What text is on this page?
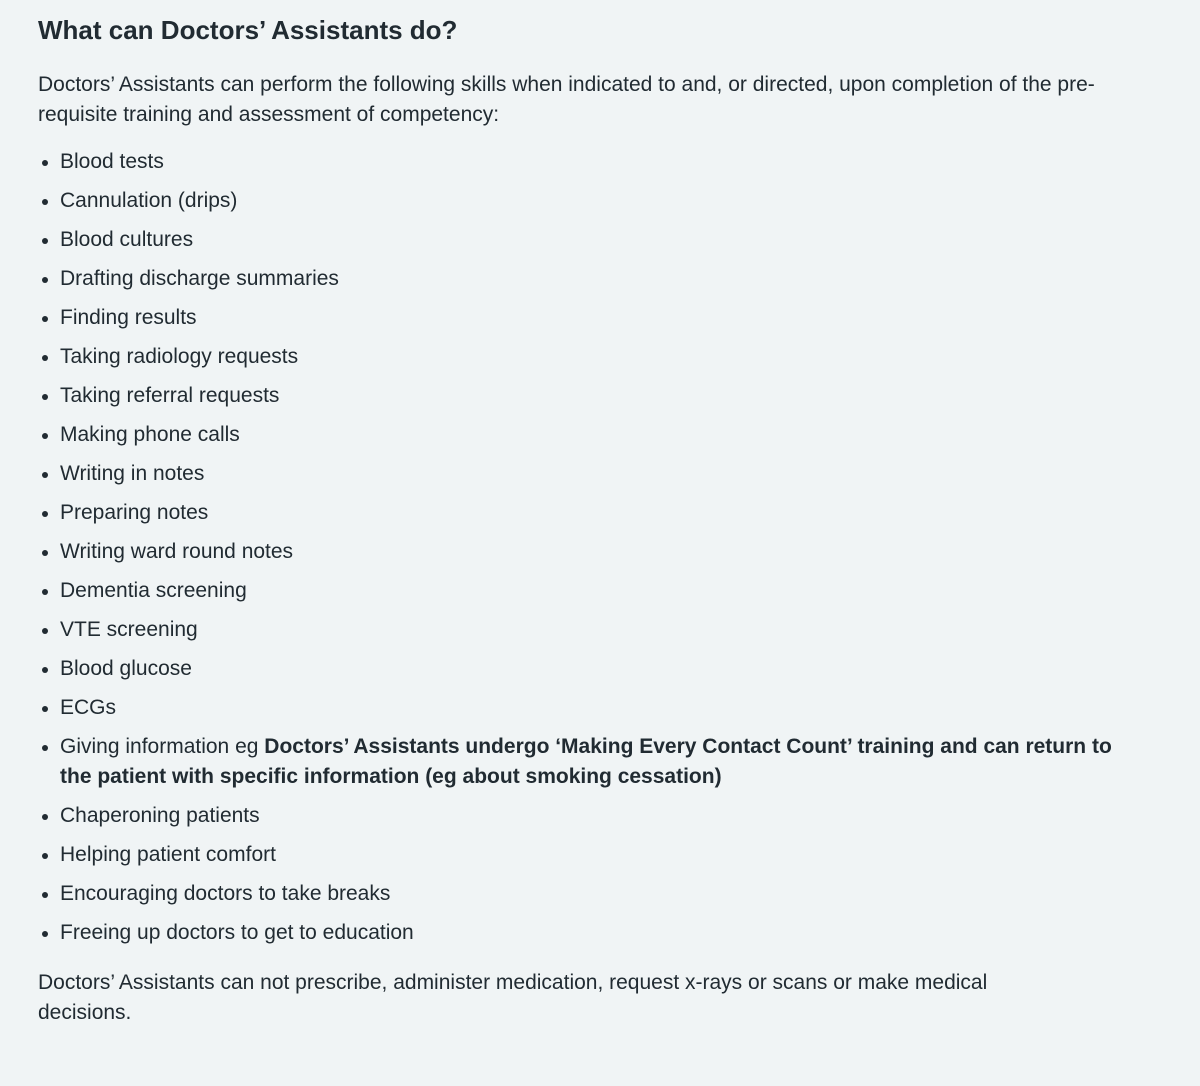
What can Doctors’ Assistants do?

Doctors’ Assistants can perform the following skills when indicated to and, or directed, upon completion of the pre-requisite training and assessment of competency:

Blood tests
Cannulation (drips)
Blood cultures
Drafting discharge summaries
Finding results
Taking radiology requests
Taking referral requests
Making phone calls
Writing in notes
Preparing notes
Writing ward round notes
Dementia screening
VTE screening
Blood glucose
ECGs
Giving information eg Doctors’ Assistants undergo ‘Making Every Contact Count’ training and can return to the patient with specific information (eg about smoking cessation)
Chaperoning patients
Helping patient comfort
Encouraging doctors to take breaks
Freeing up doctors to get to education

Doctors’ Assistants can not prescribe, administer medication, request x-rays or scans or make medical decisions.
